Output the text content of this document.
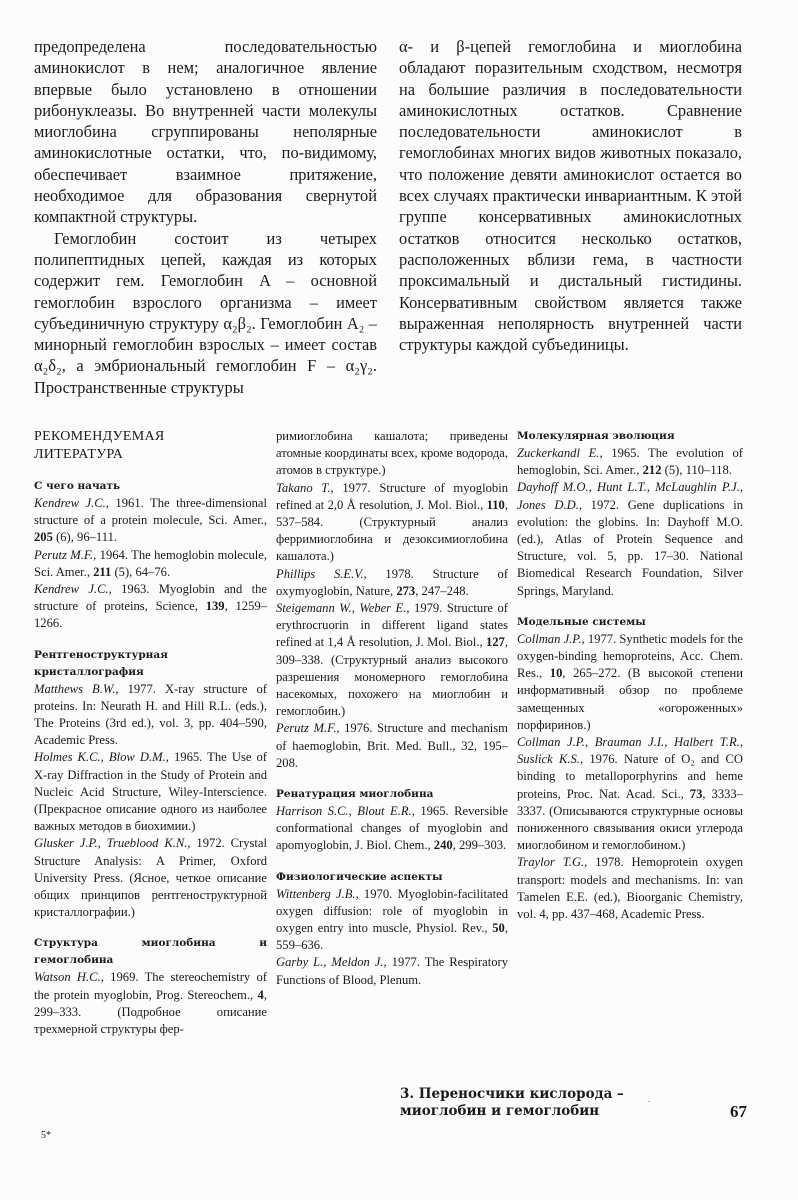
предопределена последовательностью аминокислот в нем; аналогичное явление впервые было установлено в отношении рибонуклеазы. Во внутренней части молекулы миоглобина сгруппированы неполярные аминокислотные остатки, что, по-видимому, обеспечивает взаимное притяжение, необходимое для образования свернутой компактной структуры.

Гемоглобин состоит из четырех полипептидных цепей, каждая из которых содержит гем. Гемоглобин A – основной гемоглобин взрослого организма – имеет субъединичную структуру α₂β₂. Гемоглобин A₂ – минорный гемоглобин взрослых – имеет состав α₂δ₂, а эмбриональный гемоглобин F – α₂γ₂. Пространственные структуры

α- и β-цепей гемоглобина и миоглобина обладают поразительным сходством, несмотря на большие различия в последовательности аминокислотных остатков. Сравнение последовательности аминокислот в гемоглобинах многих видов животных показало, что положение девяти аминокислот остается во всех случаях практически инвариантным. К этой группе консервативных аминокислотных остатков относится несколько остатков, расположенных вблизи гема, в частности проксимальный и дистальный гистидины. Консервативным свойством является также выраженная неполярность внутренней части структуры каждой субъединицы.

РЕКОМЕНДУЕМАЯ
ЛИТЕРАТУРА

С чего начать

Kendrew J.C., 1961. The three-dimensional structure of a protein molecule, Sci. Amer., 205 (6), 96–111.

Perutz M.F., 1964. The hemoglobin molecule, Sci. Amer., 211 (5), 64–76.

Kendrew J.C., 1963. Myoglobin and the structure of proteins, Science, 139, 1259–1266.

Рентгеноструктурная кристаллография

Matthews B.W., 1977. X-ray structure of proteins. In: Neurath H. and Hill R.L. (eds.), The Proteins (3rd ed.), vol. 3, pp. 404–590, Academic Press.

Holmes K.C., Blow D.M., 1965. The Use of X-ray Diffraction in the Study of Protein and Nucleic Acid Structure, Wiley-Interscience. (Прекрасное описание одного из наиболее важных методов в биохимии.)

Glusker J.P., Trueblood K.N., 1972. Crystal Structure Analysis: A Primer, Oxford University Press. (Ясное, четкое описание общих принципов рентгеноструктурной кристаллографии.)

Структура миоглобина и гемоглобина

Watson H.C., 1969. The stereochemistry of the protein myoglobin, Prog. Stereochem., 4, 299–333. (Подробное описание трехмерной структуры фер-

римиоглобина кашалота; приведены атомные координаты всех, кроме водорода, атомов в структуре.)

Takano T., 1977. Structure of myoglobin refined at 2,0 Å resolution, J. Mol. Biol., 110, 537–584. (Структурный анализ ферримиоглобина и дезоксимиоглобина кашалота.)

Phillips S.E.V., 1978. Structure of oxymyoglobin, Nature, 273, 247–248.

Steigemann W., Weber E., 1979. Structure of erythrocruorin in different ligand states refined at 1,4 Å resolution, J. Mol. Biol., 127, 309–338. (Структурный анализ высокого разрешения мономерного гемоглобина насекомых, похожего на миоглобин и гемоглобин.)

Perutz M.F., 1976. Structure and mechanism of haemoglobin, Brit. Med. Bull., 32, 195–208.

Ренатурация миоглобина

Harrison S.C., Blout E.R., 1965. Reversible conformational changes of myoglobin and apomyoglobin, J. Biol. Chem., 240, 299–303.

Физиологические аспекты

Wittenberg J.B., 1970. Myoglobin-facilitated oxygen diffusion: role of myoglobin in oxygen entry into muscle, Physiol. Rev., 50, 559–636.

Garby L., Meldon J., 1977. The Respiratory Functions of Blood, Plenum.

Молекулярная эволюция

Zuckerkandl E., 1965. The evolution of hemoglobin, Sci. Amer., 212 (5), 110–118.

Dayhoff M.O., Hunt L.T., McLaughlin P.J., Jones D.D., 1972. Gene duplications in evolution: the globins. In: Dayhoff M.O. (ed.), Atlas of Protein Sequence and Structure, vol. 5, pp. 17–30. National Biomedical Research Foundation, Silver Springs, Maryland.

Модельные системы

Collman J.P., 1977. Synthetic models for the oxygen-binding hemoproteins, Acc. Chem. Res., 10, 265–272. (В высокой степени информативный обзор по проблеме замещенных «огороженных» порфиринов.)

Collman J.P., Brauman J.I., Halbert T.R., Suslick K.S., 1976. Nature of O₂ and CO binding to metalloporphyrins and heme proteins, Proc. Nat. Acad. Sci., 73, 3333–3337. (Описываются структурные основы пониженного связывания окиси углерода миоглобином и гемоглобином.)

Traylor T.G., 1978. Hemoprotein oxygen transport: models and mechanisms. In: van Tamelen E.E. (ed.), Bioorganic Chemistry, vol. 4, pp. 437–468, Academic Press.

3. Переносчики кислорода –
миоглобин и гемоглобин
.
67
5*
